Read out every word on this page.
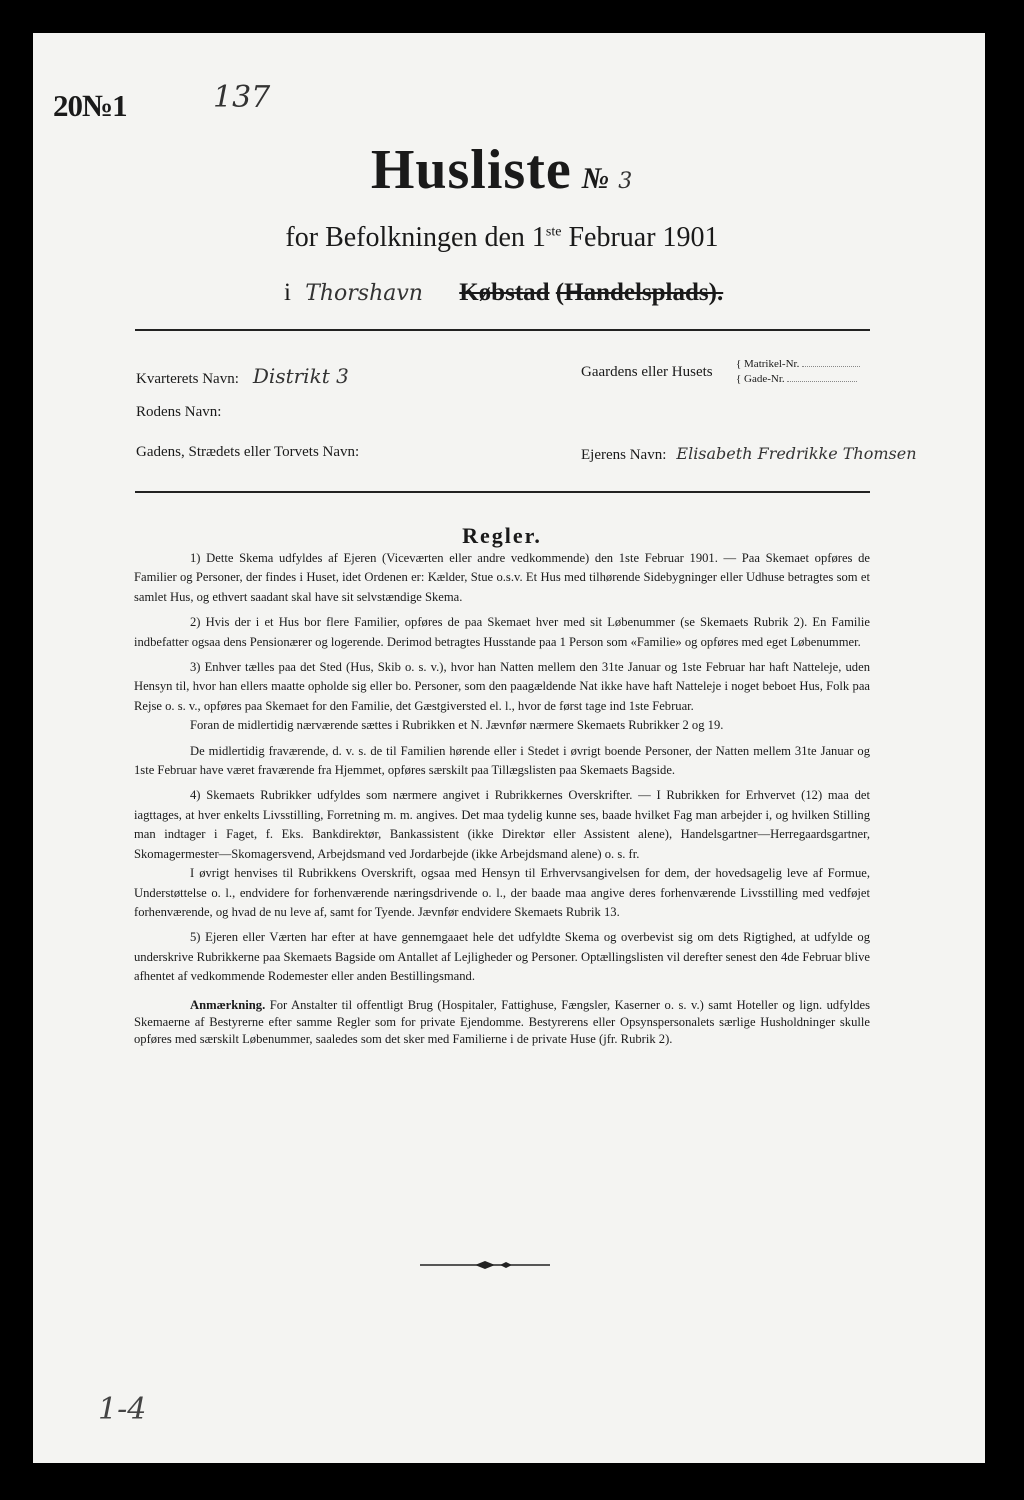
20№1	137
Husliste № 3
for Befolkningen den 1ste Februar 1901
i Thorshavn Købstad (Handelsplads).
Kvarterets Navn: Distrikt 3
Rodens Navn:
Gadens, Strædets eller Torvets Navn:
Gaardens eller Husets { Matrikel-Nr.
{ Gade-Nr.
Ejerens Navn: Elisabeth Fredrikke Thomsen
Regler.

1) Dette Skema udfyldes af Ejeren (Viceværten eller andre vedkommende) den 1ste Februar 1901. — Paa Skemaet opføres de Familier og Personer, der findes i Huset, idet Ordenen er: Kælder, Stue o.s.v. Et Hus med tilhørende Sidebygninger eller Udhuse betragtes som et samlet Hus, og ethvert saadant skal have sit selvstændige Skema.

2) Hvis der i et Hus bor flere Familier, opføres de paa Skemaet hver med sit Løbenummer (se Skemaets Rubrik 2). En Familie indbefatter ogsaa dens Pensionærer og logerende. Derimod betragtes Husstande paa 1 Person som «Familie» og opføres med eget Løbenummer.

3) Enhver tælles paa det Sted (Hus, Skib o. s. v.), hvor han Natten mellem den 31te Januar og 1ste Februar har haft Natteleje, uden Hensyn til, hvor han ellers maatte opholde sig eller bo. Personer, som den paagældende Nat ikke have haft Natteleje i noget beboet Hus, Folk paa Rejse o. s. v., opføres paa Skemaet for den Familie, det Gæstgiversted el. l., hvor de først tage ind 1ste Februar.

Foran de midlertidig nærværende sættes i Rubrikken et N. Jævnfør nærmere Skemaets Rubrikker 2 og 19.

De midlertidig fraværende, d. v. s. de til Familien hørende eller i Stedet i øvrigt boende Personer, der Natten mellem 31te Januar og 1ste Februar have været fraværende fra Hjemmet, opføres særskilt paa Tillægslisten paa Skemaets Bagside.

4) Skemaets Rubrikker udfyldes som nærmere angivet i Rubrikkernes Overskrifter. — I Rubrikken for Erhvervet (12) maa det iagttages, at hver enkelts Livsstilling, Forretning m. m. angives. Det maa tydelig kunne ses, baade hvilket Fag man arbejder i, og hvilken Stilling man indtager i Faget, f. Eks. Bankdirektør, Bankassistent (ikke Direktør eller Assistent alene), Handelsgartner—Herregaardsgartner, Skomagermester—Skomagersvend, Arbejdsmand ved Jordarbejde (ikke Arbejdsmand alene) o. s. fr.

I øvrigt henvises til Rubrikkens Overskrift, ogsaa med Hensyn til Erhvervsangivelsen for dem, der hovedsagelig leve af Formue, Understøttelse o. l., endvidere for forhenværende næringsdrivende o. l., der baade maa angive deres forhenværende Livsstilling med vedføjet forhenværende, og hvad de nu leve af, samt for Tyende. Jævnfør endvidere Skemaets Rubrik 13.

5) Ejeren eller Værten har efter at have gennemgaaet hele det udfyldte Skema og overbevist sig om dets Rigtighed, at udfylde og underskrive Rubrikkerne paa Skemaets Bagside om Antallet af Lejligheder og Personer. Optællingslisten vil derefter senest den 4de Februar blive afhentet af vedkommende Rodemester eller anden Bestillingsmand.

Anmærkning. For Anstalter til offentligt Brug (Hospitaler, Fattighuse, Fængsler, Kaserner o. s. v.) samt Hoteller og lign. udfyldes Skemaerne af Bestyrerne efter samme Regler som for private Ejendomme. Bestyrerens eller Opsynspersonalets særlige Husholdninger skulle opføres med særskilt Løbenummer, saaledes som det sker med Familierne i de private Huse (jfr. Rubrik 2).

1-4
